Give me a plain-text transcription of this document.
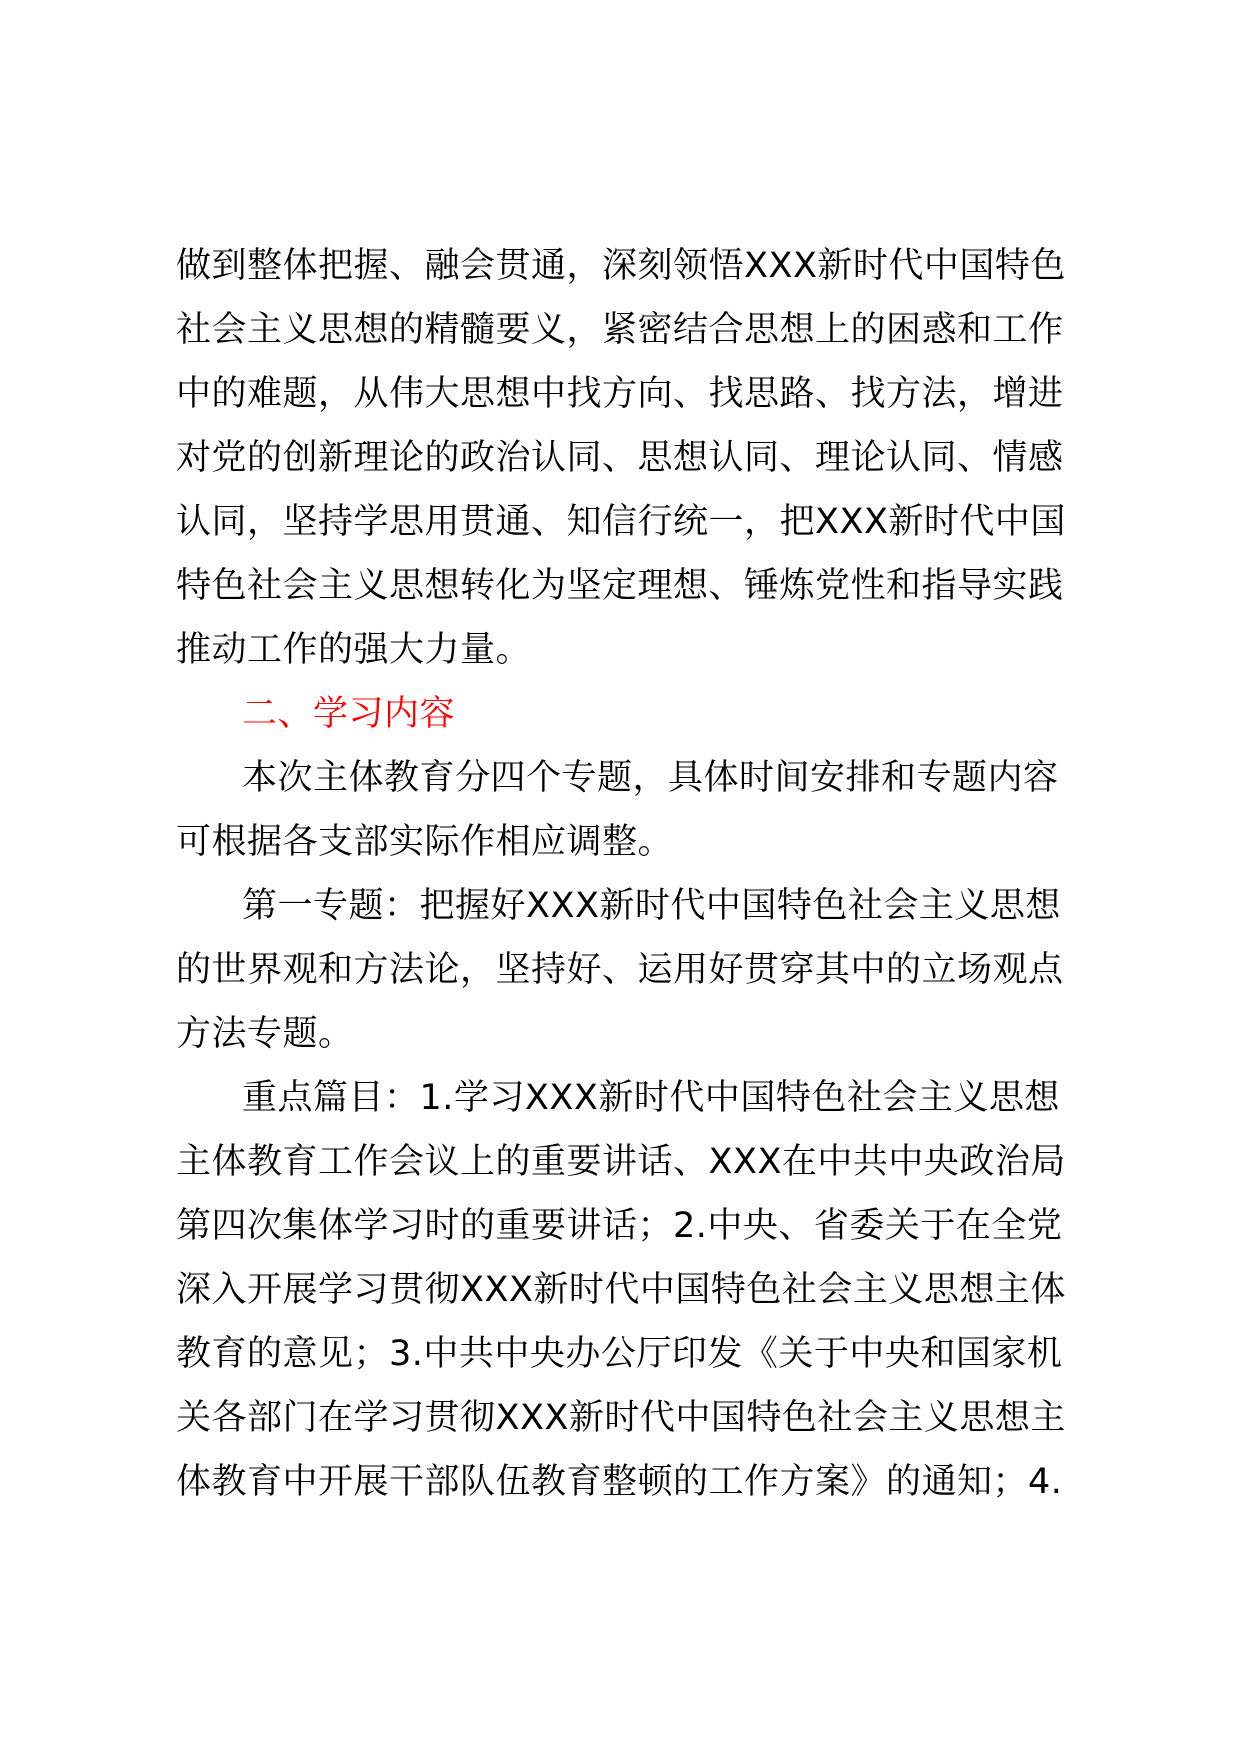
做到整体把握、融会贯通，深刻领悟XXX新时代中国特色
社会主义思想的精髓要义，紧密结合思想上的困惑和工作
中的难题，从伟大思想中找方向、找思路、找方法，增进
对党的创新理论的政治认同、思想认同、理论认同、情感
认同，坚持学思用贯通、知信行统一，把XXX新时代中国
特色社会主义思想转化为坚定理想、锤炼党性和指导实践
推动工作的强大力量。
二、学习内容
本次主体教育分四个专题，具体时间安排和专题内容
可根据各支部实际作相应调整。
第一专题：把握好XXX新时代中国特色社会主义思想
的世界观和方法论，坚持好、运用好贯穿其中的立场观点
方法专题。
重点篇目：1.学习XXX新时代中国特色社会主义思想
主体教育工作会议上的重要讲话、XXX在中共中央政治局
第四次集体学习时的重要讲话；2.中央、省委关于在全党
深入开展学习贯彻XXX新时代中国特色社会主义思想主体
教育的意见；3.中共中央办公厅印发《关于中央和国家机
关各部门在学习贯彻XXX新时代中国特色社会主义思想主
体教育中开展干部队伍教育整顿的工作方案》的通知；4.
